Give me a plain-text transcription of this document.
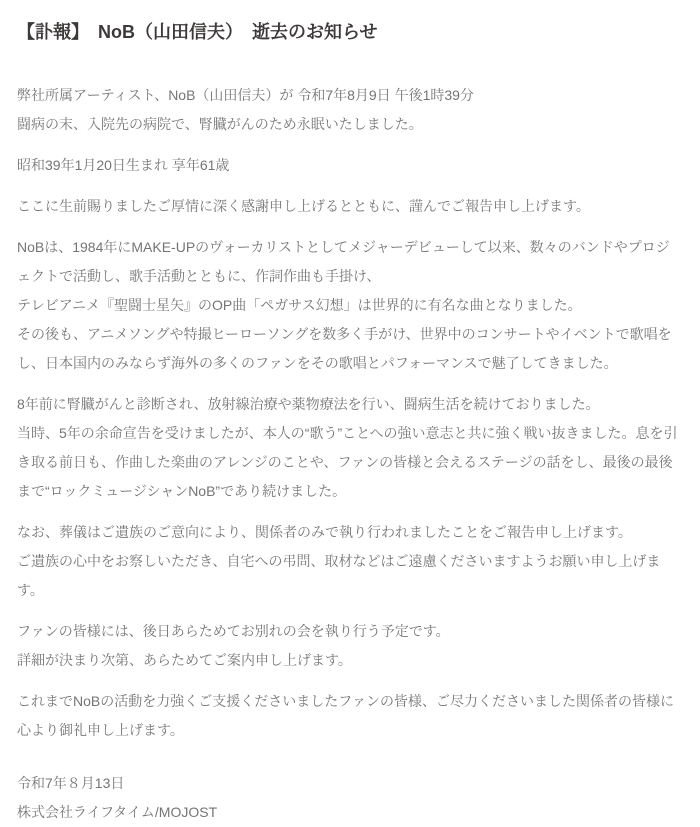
【訃報】　NoB（山田信夫）　逝去のお知らせ

弊社所属アーティスト、NoB（山田信夫）が 令和7年8月9日 午後1時39分
闘病の末、入院先の病院で、腎臓がんのため永眠いたしました。

昭和39年1月20日生まれ 享年61歳

ここに生前賜りましたご厚情に深く感謝申し上げるとともに、謹んでご報告申し上げます。

NoBは、1984年にMAKE-UPのヴォーカリストとしてメジャーデビューして以来、数々のバンドやプロジェクトで活動し、歌手活動とともに、作詞作曲も手掛け、
テレビアニメ『聖闘士星矢』のOP曲「ペガサス幻想」は世界的に有名な曲となりました。
その後も、アニメソングや特撮ヒーローソングを数多く手がけ、世界中のコンサートやイベントで歌唱をし、日本国内のみならず海外の多くのファンをその歌唱とパフォーマンスで魅了してきました。

8年前に腎臓がんと診断され、放射線治療や薬物療法を行い、闘病生活を続けておりました。
当時、5年の余命宣告を受けましたが、本人の“歌う”ことへの強い意志と共に強く戦い抜きました。息を引き取る前日も、作曲した楽曲のアレンジのことや、ファンの皆様と会えるステージの話をし、最後の最後まで“ロックミュージシャンNoB”であり続けました。

なお、葬儀はご遺族のご意向により、関係者のみで執り行われましたことをご報告申し上げます。
ご遺族の心中をお察しいただき、自宅への弔問、取材などはご遠慮くださいますようお願い申し上げます。

ファンの皆様には、後日あらためてお別れの会を執り行う予定です。
詳細が決まり次第、あらためてご案内申し上げます。

これまでNoBの活動を力強くご支援くださいましたファンの皆様、ご尽力くださいました関係者の皆様に心より御礼申し上げます。

令和7年８月13日
株式会社ライフタイム/MOJOST
